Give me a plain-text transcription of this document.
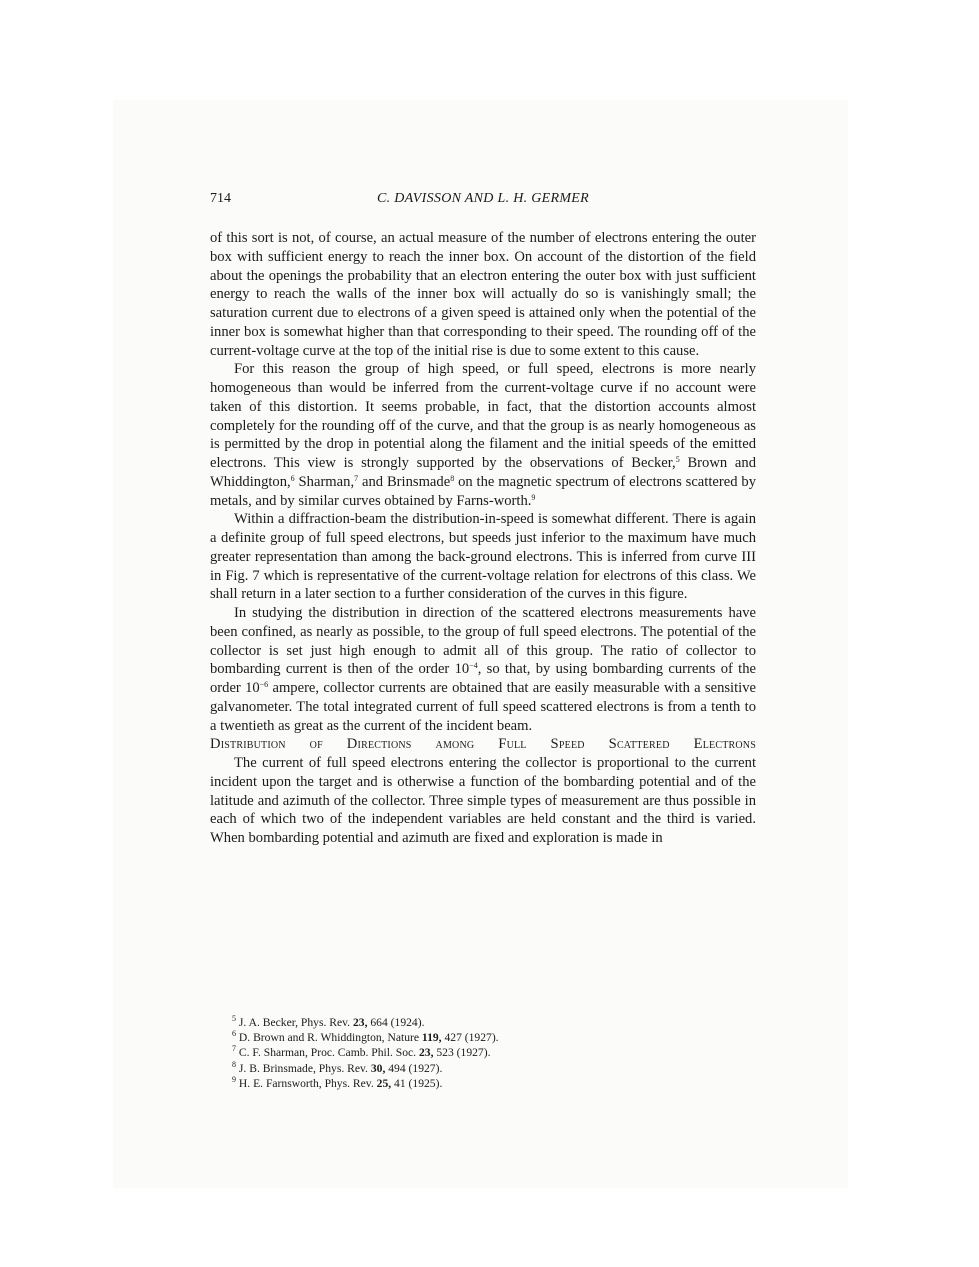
714	C. DAVISSON AND L. H. GERMER

of this sort is not, of course, an actual measure of the number of electrons entering the outer box with sufficient energy to reach the inner box. On account of the distortion of the field about the openings the probability that an electron entering the outer box with just sufficient energy to reach the walls of the inner box will actually do so is vanishingly small; the saturation current due to electrons of a given speed is attained only when the potential of the inner box is somewhat higher than that corresponding to their speed. The rounding off of the current-voltage curve at the top of the initial rise is due to some extent to this cause.

For this reason the group of high speed, or full speed, electrons is more nearly homogeneous than would be inferred from the current-voltage curve if no account were taken of this distortion. It seems probable, in fact, that the distortion accounts almost completely for the rounding off of the curve, and that the group is as nearly homogeneous as is permitted by the drop in potential along the filament and the initial speeds of the emitted electrons. This view is strongly supported by the observations of Becker,$^5$ Brown and Whiddington,$^6$ Sharman,$^7$ and Brinsmade$^8$ on the magnetic spectrum of electrons scattered by metals, and by similar curves obtained by Farns-worth.$^9$

Within a diffraction-beam the distribution-in-speed is somewhat different. There is again a definite group of full speed electrons, but speeds just inferior to the maximum have much greater representation than among the back-ground electrons. This is inferred from curve III in Fig. 7 which is representative of the current-voltage relation for electrons of this class. We shall return in a later section to a further consideration of the curves in this figure.

In studying the distribution in direction of the scattered electrons measurements have been confined, as nearly as possible, to the group of full speed electrons. The potential of the collector is set just high enough to admit all of this group. The ratio of collector to bombarding current is then of the order $10^{-4}$, so that, by using bombarding currents of the order $10^{-6}$ ampere, collector currents are obtained that are easily measurable with a sensitive galvanometer. The total integrated current of full speed scattered electrons is from a tenth to a twentieth as great as the current of the incident beam.

Distribution of Directions among Full Speed Scattered Electrons

The current of full speed electrons entering the collector is proportional to the current incident upon the target and is otherwise a function of the bombarding potential and of the latitude and azimuth of the collector. Three simple types of measurement are thus possible in each of which two of the independent variables are held constant and the third is varied. When bombarding potential and azimuth are fixed and exploration is made in

$^5$ J. A. Becker, Phys. Rev. 23, 664 (1924).
$^6$ D. Brown and R. Whiddington, Nature 119, 427 (1927).
$^7$ C. F. Sharman, Proc. Camb. Phil. Soc. 23, 523 (1927).
$^8$ J. B. Brinsmade, Phys. Rev. 30, 494 (1927).
$^9$ H. E. Farnsworth, Phys. Rev. 25, 41 (1925).
